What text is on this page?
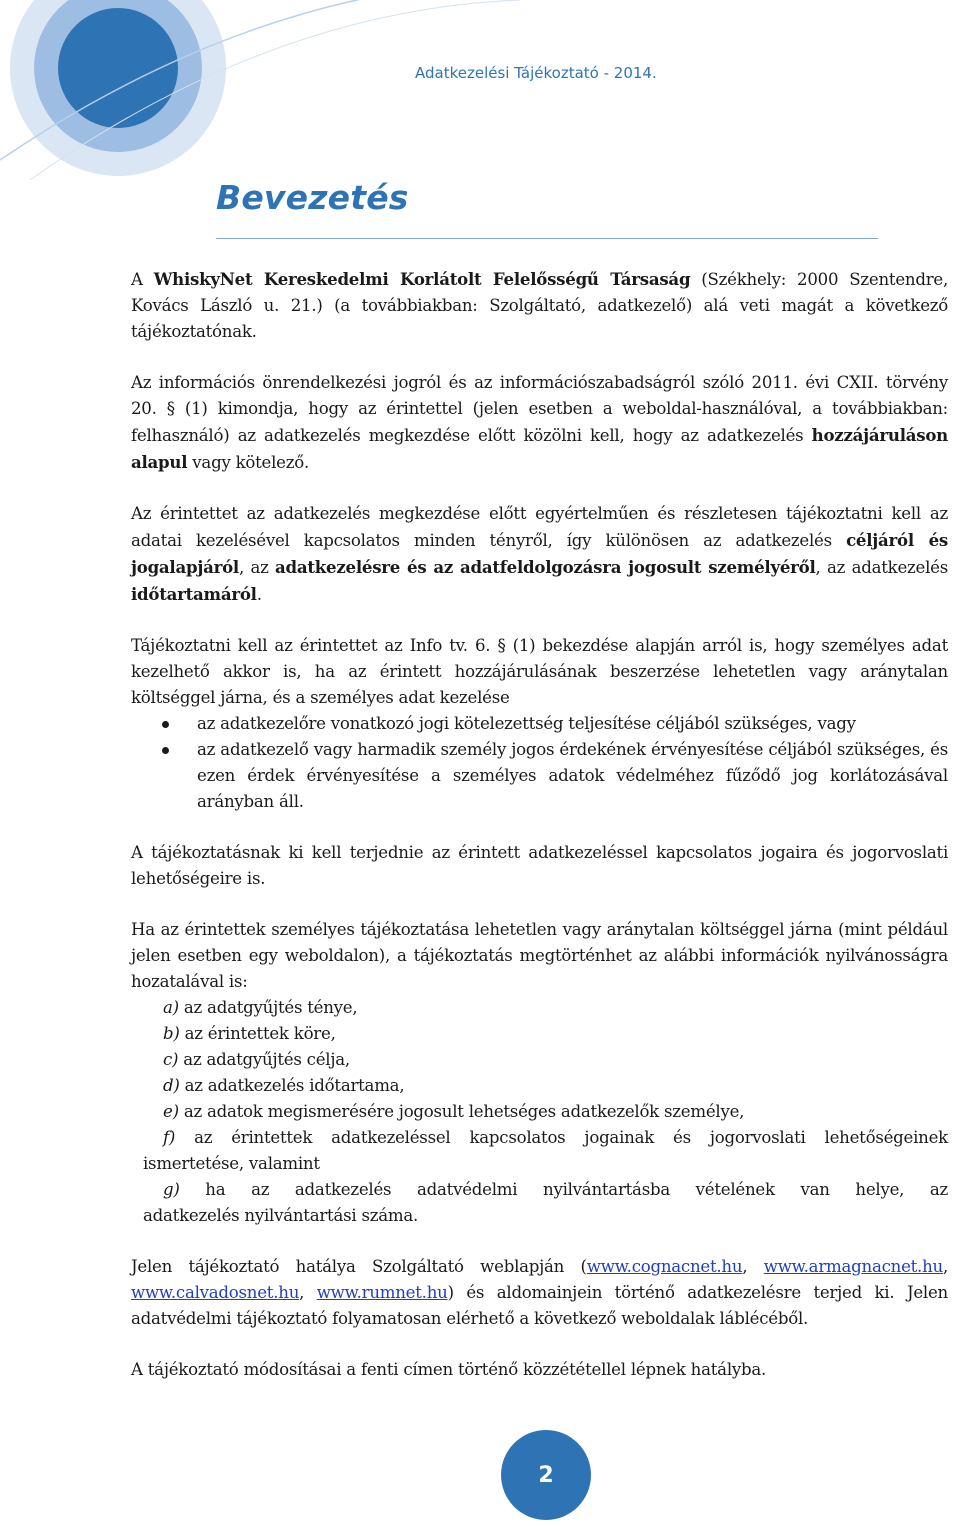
Adatkezelési Tájékoztató - 2014.
Bevezetés

A WhiskyNet Kereskedelmi Korlátolt Felelősségű Társaság (Székhely: 2000 Szentendre, Kovács László u. 21.) (a továbbiakban: Szolgáltató, adatkezelő) alá veti magát a következő tájékoztatónak.

Az információs önrendelkezési jogról és az információszabadságról szóló 2011. évi CXII. törvény 20. § (1) kimondja, hogy az érintettel (jelen esetben a weboldal-használóval, a továbbiakban: felhasználó) az adatkezelés megkezdése előtt közölni kell, hogy az adatkezelés hozzájáruláson alapul vagy kötelező.

Az érintettet az adatkezelés megkezdése előtt egyértelműen és részletesen tájékoztatni kell az adatai kezelésével kapcsolatos minden tényről, így különösen az adatkezelés céljáról és jogalapjáról, az adatkezelésre és az adatfeldolgozásra jogosult személyéről, az adatkezelés időtartamáról.

Tájékoztatni kell az érintettet az Info tv. 6. § (1) bekezdése alapján arról is, hogy személyes adat kezelhető akkor is, ha az érintett hozzájárulásának beszerzése lehetetlen vagy aránytalan költséggel járna, és a személyes adat kezelése

az adatkezelőre vonatkozó jogi kötelezettség teljesítése céljából szükséges, vagy
az adatkezelő vagy harmadik személy jogos érdekének érvényesítése céljából szükséges, és ezen érdek érvényesítése a személyes adatok védelméhez fűződő jog korlátozásával arányban áll.

A tájékoztatásnak ki kell terjednie az érintett adatkezeléssel kapcsolatos jogaira és jogorvoslati lehetőségeire is.

Ha az érintettek személyes tájékoztatása lehetetlen vagy aránytalan költséggel járna (mint például jelen esetben egy weboldalon), a tájékoztatás megtörténhet az alábbi információk nyilvánosságra hozatalával is:

a) az adatgyűjtés ténye,
b) az érintettek köre,
c) az adatgyűjtés célja,
d) az adatkezelés időtartama,
e) az adatok megismerésére jogosult lehetséges adatkezelők személye,
f) az érintettek adatkezeléssel kapcsolatos jogainak és jogorvoslati lehetőségeinek
ismertetése, valamint
g) ha az adatkezelés adatvédelmi nyilvántartásba vételének van helye, az
adatkezelés nyilvántartási száma.

Jelen tájékoztató hatálya Szolgáltató weblapján (www.cognacnet.hu, www.armagnacnet.hu, www.calvadosnet.hu, www.rumnet.hu) és aldomainjein történő adatkezelésre terjed ki. Jelen adatvédelmi tájékoztató folyamatosan elérhető a következő weboldalak láblécéből.

A tájékoztató módosításai a fenti címen történő közzététellel lépnek hatályba.

2
